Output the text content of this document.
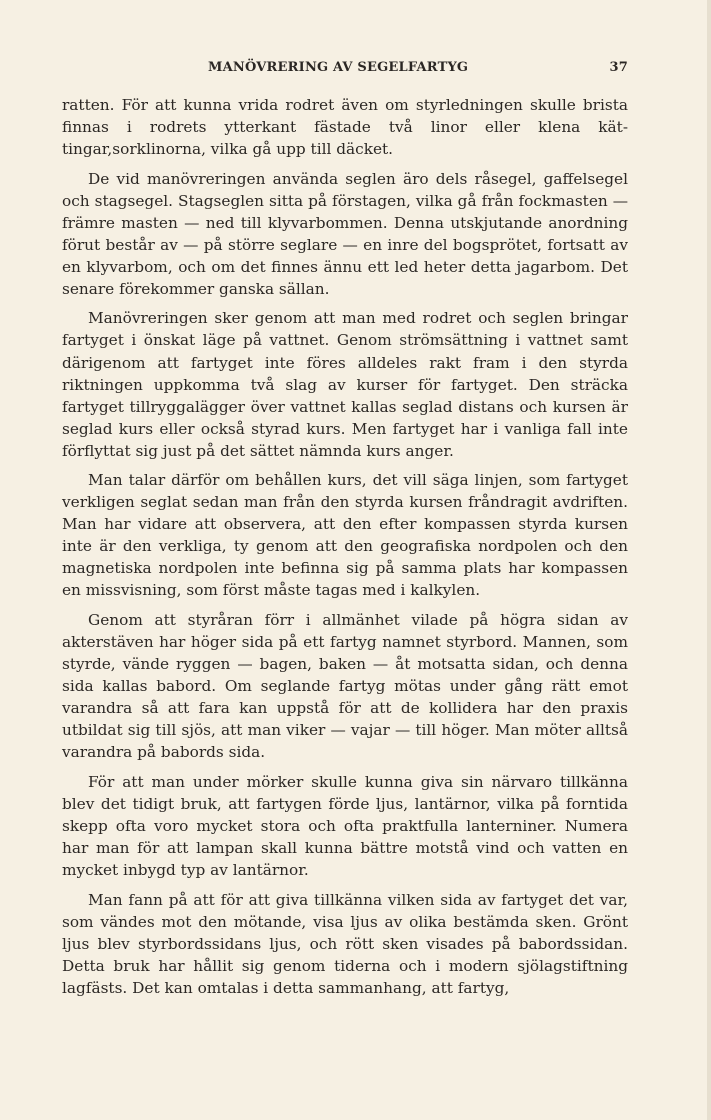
MANÖVRERING AV SEGELFARTYG	37

ratten. För att kunna vrida rodret även om styrledningen skulle brista finnas i rodrets ytterkant fästade två linor eller klena kättingar,sorklinorna, vilka gå upp till däcket.

De vid manövreringen använda seglen äro dels råsegel, gaffelsegel och stagsegel. Stagseglen sitta på förstagen, vilka gå från fockmasten — främre masten — ned till klyvarbommen. Denna utskjutande anordning förut består av — på större seglare — en inre del bogsprötet, fortsatt av en klyvarbom, och om det finnes ännu ett led heter detta jagarbom. Det senare förekommer ganska sällan.

Manövreringen sker genom att man med rodret och seglen bringar fartyget i önskat läge på vattnet. Genom strömsättning i vattnet samt därigenom att fartyget inte föres alldeles rakt fram i den styrda riktningen uppkomma två slag av kurser för fartyget. Den sträcka fartyget tillryggalägger över vattnet kallas seglad distans och kursen är seglad kurs eller också styrad kurs. Men fartyget har i vanliga fall inte förflyttat sig just på det sättet nämnda kurs anger.

Man talar därför om behållen kurs, det vill säga linjen, som fartyget verkligen seglat sedan man från den styrda kursen fråndragit avdriften. Man har vidare att observera, att den efter kompassen styrda kursen inte är den verkliga, ty genom att den geografiska nordpolen och den magnetiska nordpolen inte befinna sig på samma plats har kompassen en missvisning, som först måste tagas med i kalkylen.

Genom att styråran förr i allmänhet vilade på högra sidan av akterstäven har höger sida på ett fartyg namnet styrbord. Mannen, som styrde, vände ryggen — bagen, baken — åt motsatta sidan, och denna sida kallas babord. Om seglande fartyg mötas under gång rätt emot varandra så att fara kan uppstå för att de kollidera har den praxis utbildat sig till sjös, att man viker — vajar — till höger. Man möter alltså varandra på babords sida.

För att man under mörker skulle kunna giva sin närvaro tillkänna blev det tidigt bruk, att fartygen förde ljus, lantärnor, vilka på forntida skepp ofta voro mycket stora och ofta praktfulla lanterniner. Numera har man för att lampan skall kunna bättre motstå vind och vatten en mycket inbygd typ av lantärnor.

Man fann på att för att giva tillkänna vilken sida av fartyget det var, som vändes mot den mötande, visa ljus av olika bestämda sken. Grönt ljus blev styrbordssidans ljus, och rött sken visades på babordssidan. Detta bruk har hållit sig genom tiderna och i modern sjölagstiftning lagfästs. Det kan omtalas i detta sammanhang, att fartyg,
